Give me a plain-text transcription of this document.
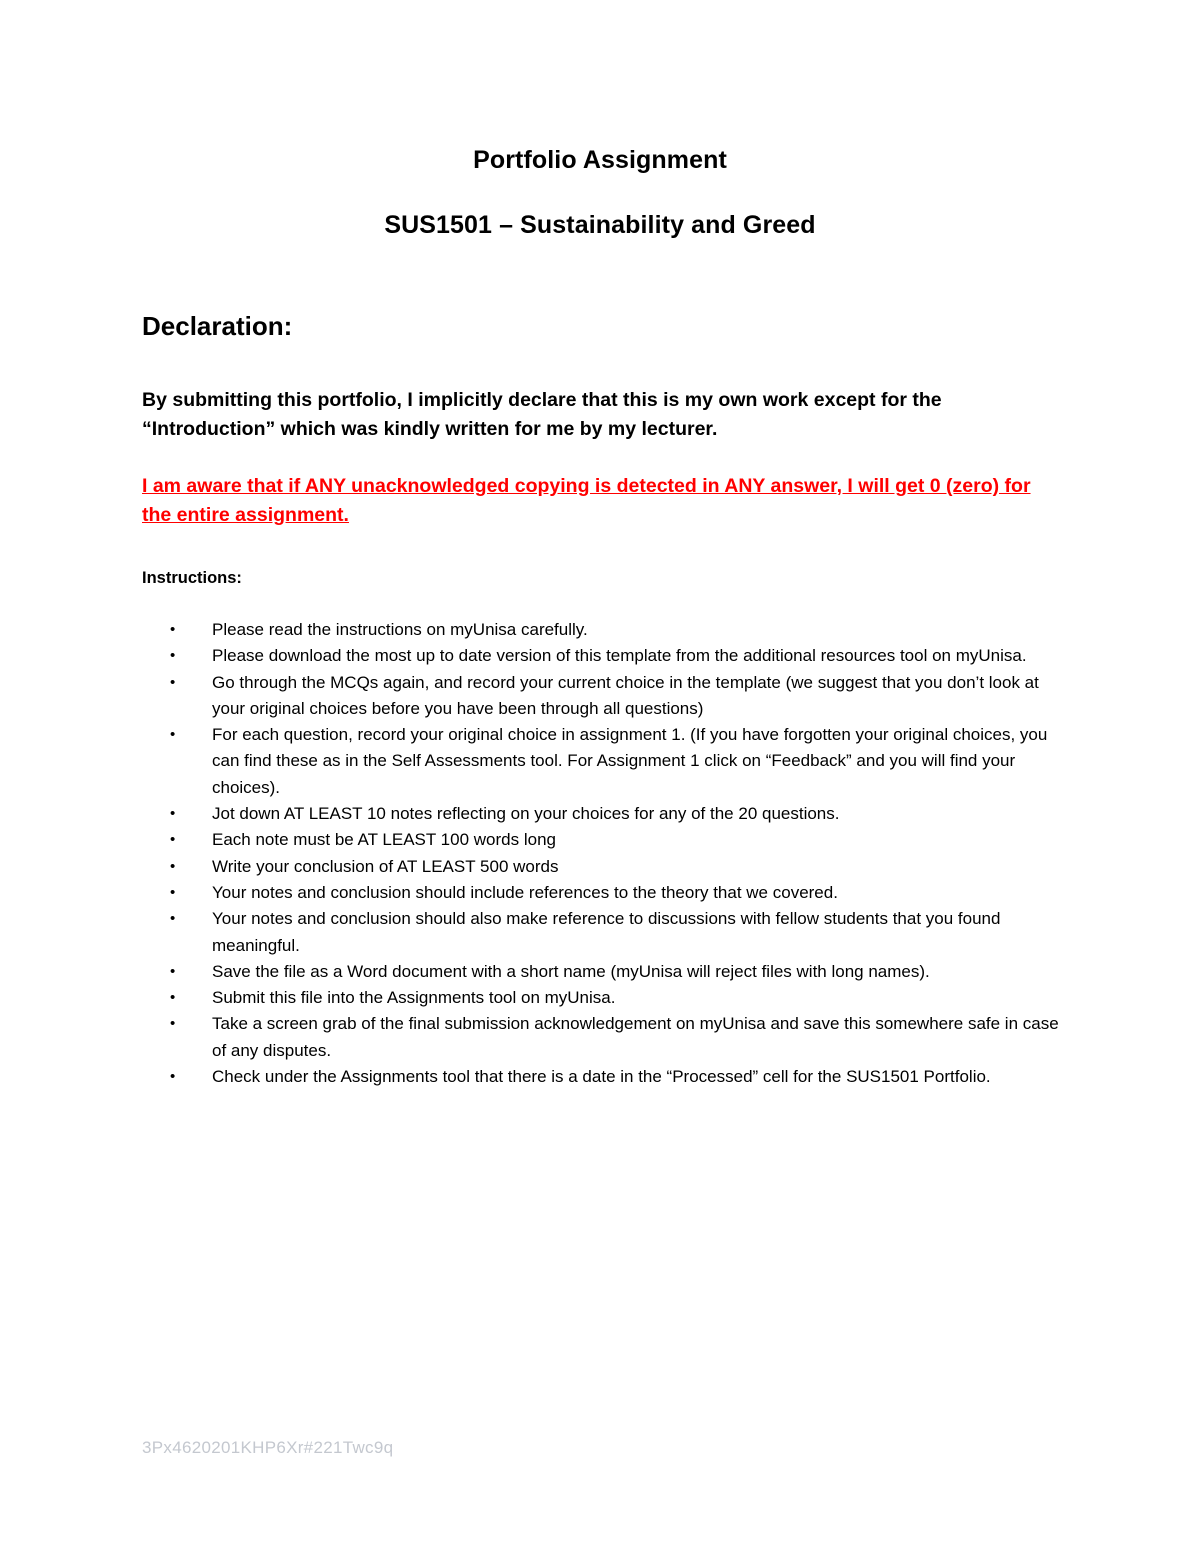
Portfolio Assignment
SUS1501 – Sustainability and Greed
Declaration:
By submitting this portfolio, I implicitly declare that this is my own work except for the “Introduction” which was kindly written for me by my lecturer.
I am aware that if ANY unacknowledged copying is detected in ANY answer, I will get 0 (zero) for the entire assignment.
Instructions:
• Please read the instructions on myUnisa carefully.
• Please download the most up to date version of this template from the additional resources tool on myUnisa.
• Go through the MCQs again, and record your current choice in the template (we suggest that you don’t look at your original choices before you have been through all questions)
• For each question, record your original choice in assignment 1. (If you have forgotten your original choices, you can find these as in the Self Assessments tool. For Assignment 1 click on “Feedback” and you will find your choices).
• Jot down AT LEAST 10 notes reflecting on your choices for any of the 20 questions.
• Each note must be AT LEAST 100 words long
• Write your conclusion of AT LEAST 500 words
• Your notes and conclusion should include references to the theory that we covered.
• Your notes and conclusion should also make reference to discussions with fellow students that you found meaningful.
• Save the file as a Word document with a short name (myUnisa will reject files with long names).
• Submit this file into the Assignments tool on myUnisa.
• Take a screen grab of the final submission acknowledgement on myUnisa and save this somewhere safe in case of any disputes.
• Check under the Assignments tool that there is a date in the “Processed” cell for the SUS1501 Portfolio.
3Px4620201KHP6Xr#221Twc9q
